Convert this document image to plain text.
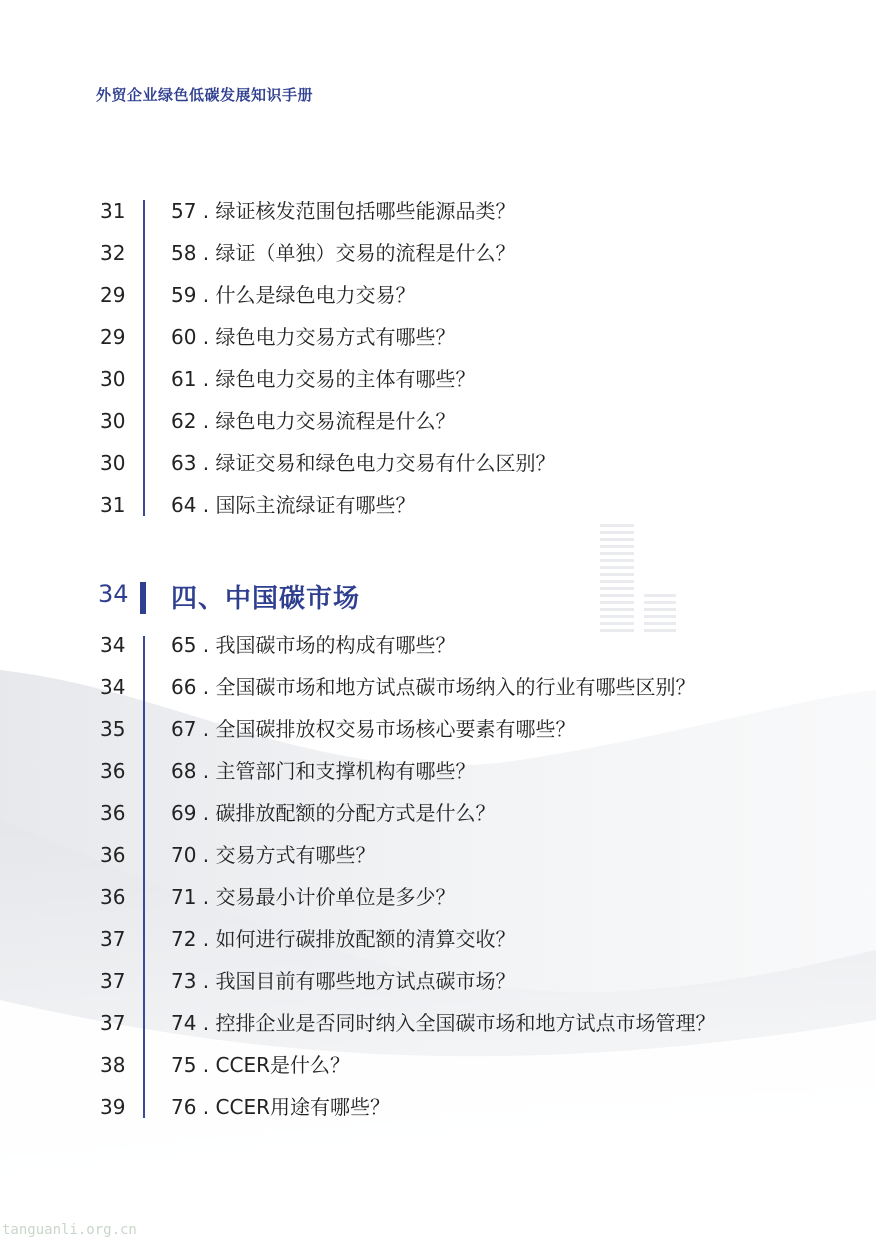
外贸企业绿色低碳发展知识手册
31	57 . 绿证核发范围包括哪些能源品类？
32	58 . 绿证（单独）交易的流程是什么？
29	59 . 什么是绿色电力交易？
29	60 . 绿色电力交易方式有哪些？
30	61 . 绿色电力交易的主体有哪些？
30	62 . 绿色电力交易流程是什么？
30	63 . 绿证交易和绿色电力交易有什么区别？
31	64 . 国际主流绿证有哪些？
34 四、中国碳市场
34	65 . 我国碳市场的构成有哪些？
34	66 . 全国碳市场和地方试点碳市场纳入的行业有哪些区别？
35	67 . 全国碳排放权交易市场核心要素有哪些？
36	68 . 主管部门和支撑机构有哪些？
36	69 . 碳排放配额的分配方式是什么？
36	70 . 交易方式有哪些？
36	71 . 交易最小计价单位是多少？
37	72 . 如何进行碳排放配额的清算交收？
37	73 . 我国目前有哪些地方试点碳市场？
37	74 . 控排企业是否同时纳入全国碳市场和地方试点市场管理？
38	75 . CCER是什么？
39	76 . CCER用途有哪些？
tanguanli.org.cn
